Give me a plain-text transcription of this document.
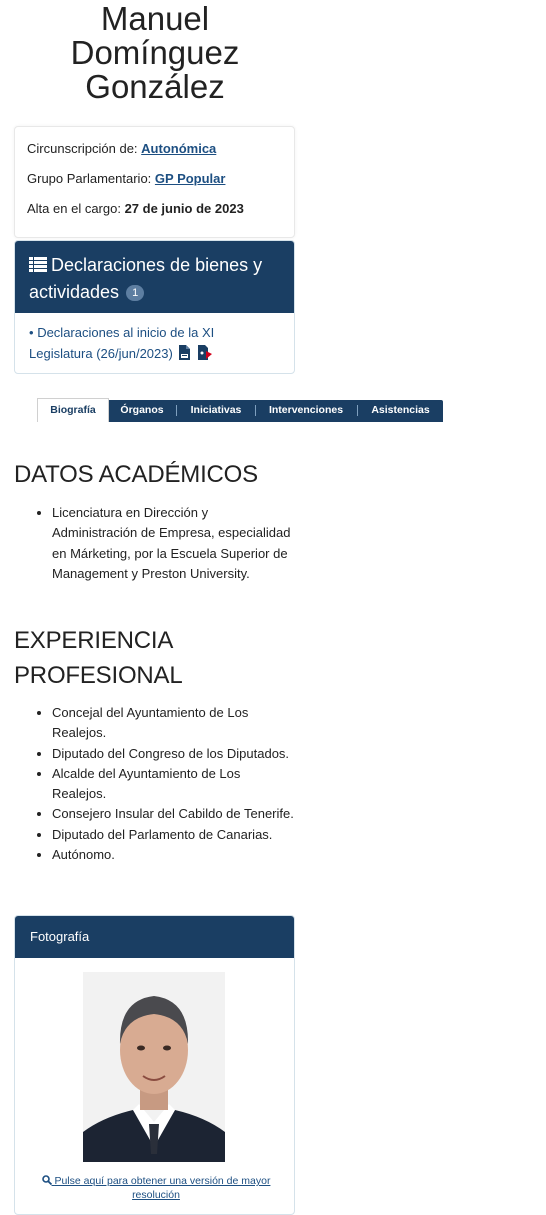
Manuel
Domínguez
González
Circunscripción de: Autonómica
Grupo Parlamentario: GP Popular
Alta en el cargo: 27 de junio de 2023
Declaraciones de bienes y actividades 1
• Declaraciones al inicio de la XI Legislatura (26/jun/2023)
Biografía	Órganos	Iniciativas	Intervenciones	Asistencias
DATOS ACADÉMICOS
• Licenciatura en Dirección y Administración de Empresa, especialidad en Márketing, por la Escuela Superior de Management y Preston University.
EXPERIENCIA PROFESIONAL
• Concejal del Ayuntamiento de Los Realejos.
• Diputado del Congreso de los Diputados.
• Alcalde del Ayuntamiento de Los Realejos.
• Consejero Insular del Cabildo de Tenerife.
• Diputado del Parlamento de Canarias.
• Autónomo.
Fotografía
Pulse aquí para obtener una versión de mayor resolución
